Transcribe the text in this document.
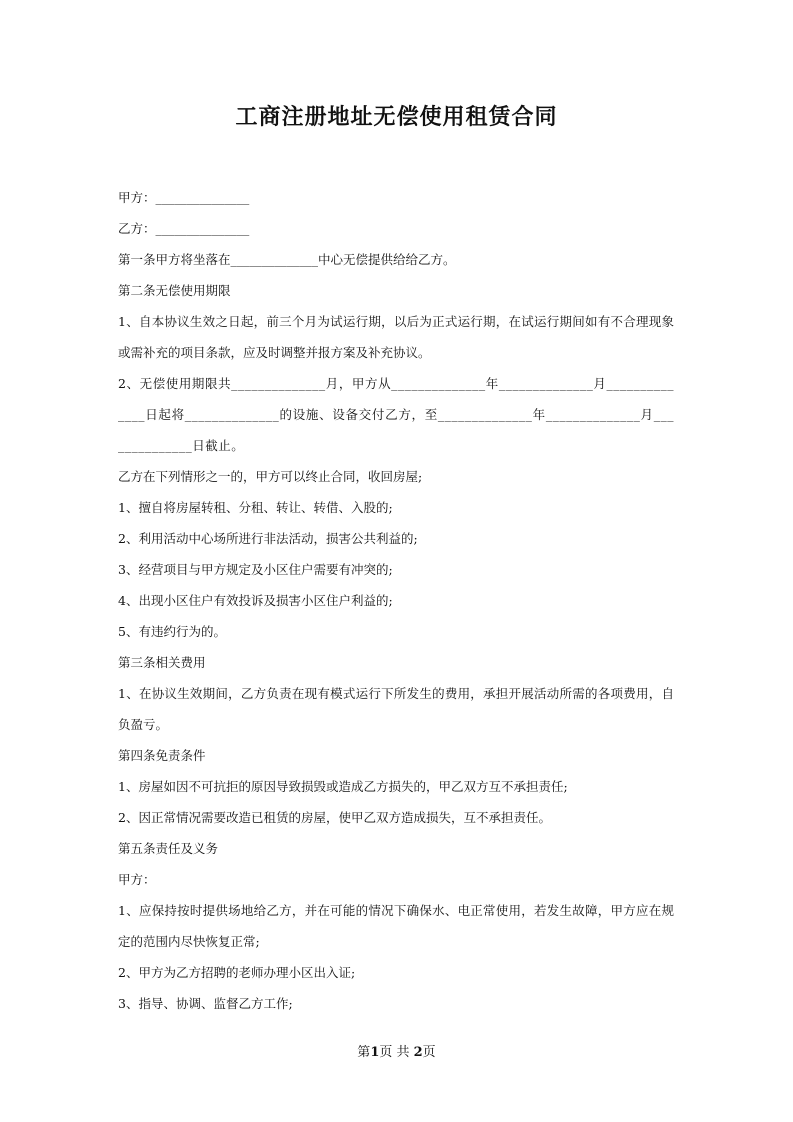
工商注册地址无偿使用租赁合同

甲方：_______________

乙方：_______________

第一条甲方将坐落在______________中心无偿提供给给乙方。

第二条无偿使用期限

1、自本协议生效之日起，前三个月为试运行期，以后为正式运行期，在试运行期间如有不合理现象或需补充的项目条款，应及时调整并报方案及补充协议。

2、无偿使用期限共______________月，甲方从______________年______________月______________日起将______________的设施、设备交付乙方，至______________年______________月______________日截止。

乙方在下列情形之一的，甲方可以终止合同，收回房屋;

1、擅自将房屋转租、分租、转让、转借、入股的;

2、利用活动中心场所进行非法活动，损害公共利益的;

3、经营项目与甲方规定及小区住户需要有冲突的;

4、出现小区住户有效投诉及损害小区住户利益的;

5、有违约行为的。

第三条相关费用

1、在协议生效期间，乙方负责在现有模式运行下所发生的费用，承担开展活动所需的各项费用，自负盈亏。

第四条免责条件

1、房屋如因不可抗拒的原因导致损毁或造成乙方损失的，甲乙双方互不承担责任;

2、因正常情况需要改造已租赁的房屋，使甲乙双方造成损失，互不承担责任。

第五条责任及义务

甲方：

1、应保持按时提供场地给乙方，并在可能的情况下确保水、电正常使用，若发生故障，甲方应在规定的范围内尽快恢复正常;

2、甲方为乙方招聘的老师办理小区出入证;

3、指导、协调、监督乙方工作;

第1页 共 2页
